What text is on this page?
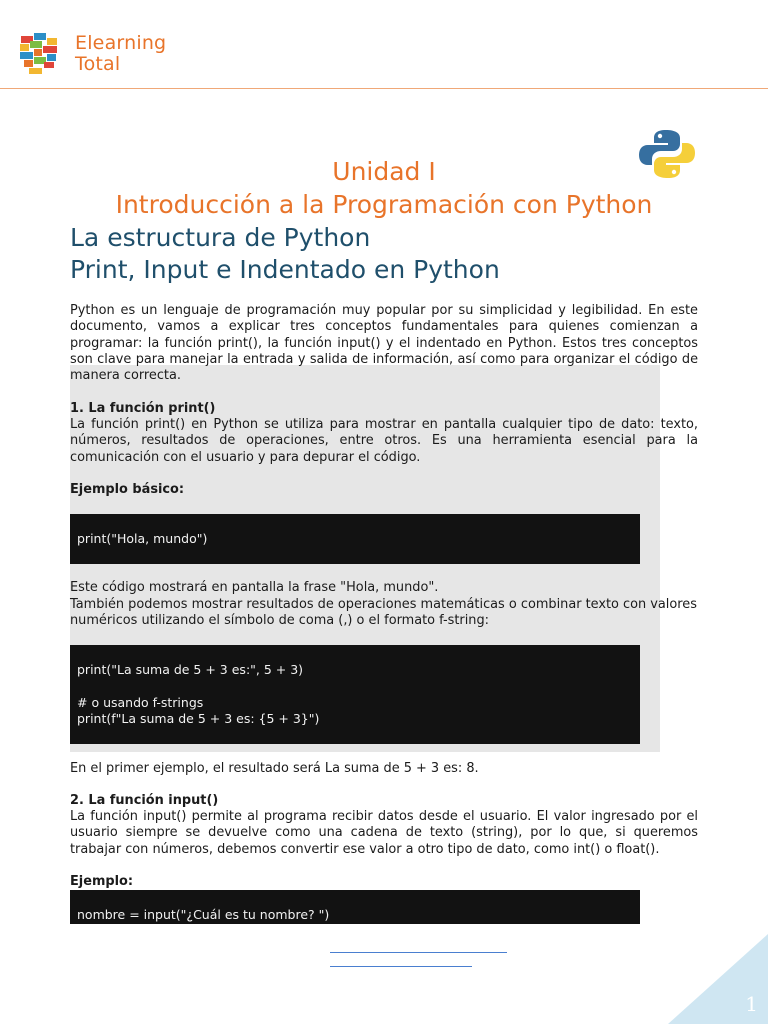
Elearning
Total
Unidad I
Introducción a la Programación con Python
La estructura de Python
Print, Input e Indentado en Python
Python es un lenguaje de programación muy popular por su simplicidad y legibilidad. En este documento, vamos a explicar tres conceptos fundamentales para quienes comienzan a programar: la función print(), la función input() y el indentado en Python. Estos tres conceptos son clave para manejar la entrada y salida de información, así como para organizar el código de manera correcta.
1. La función print()
La función print() en Python se utiliza para mostrar en pantalla cualquier tipo de dato: texto, números, resultados de operaciones, entre otros. Es una herramienta esencial para la comunicación con el usuario y para depurar el código.
Ejemplo básico:
print("Hola, mundo")
Este código mostrará en pantalla la frase "Hola, mundo".
También podemos mostrar resultados de operaciones matemáticas o combinar texto con valores numéricos utilizando el símbolo de coma (,) o el formato f-string:
print("La suma de 5 + 3 es:", 5 + 3)
# o usando f-strings
print(f"La suma de 5 + 3 es: {5 + 3}")
En el primer ejemplo, el resultado será La suma de 5 + 3 es: 8.
2. La función input()
La función input() permite al programa recibir datos desde el usuario. El valor ingresado por el usuario siempre se devuelve como una cadena de texto (string), por lo que, si queremos trabajar con números, debemos convertir ese valor a otro tipo de dato, como int() o float().
Ejemplo:
nombre = input("¿Cuál es tu nombre? ")
1
